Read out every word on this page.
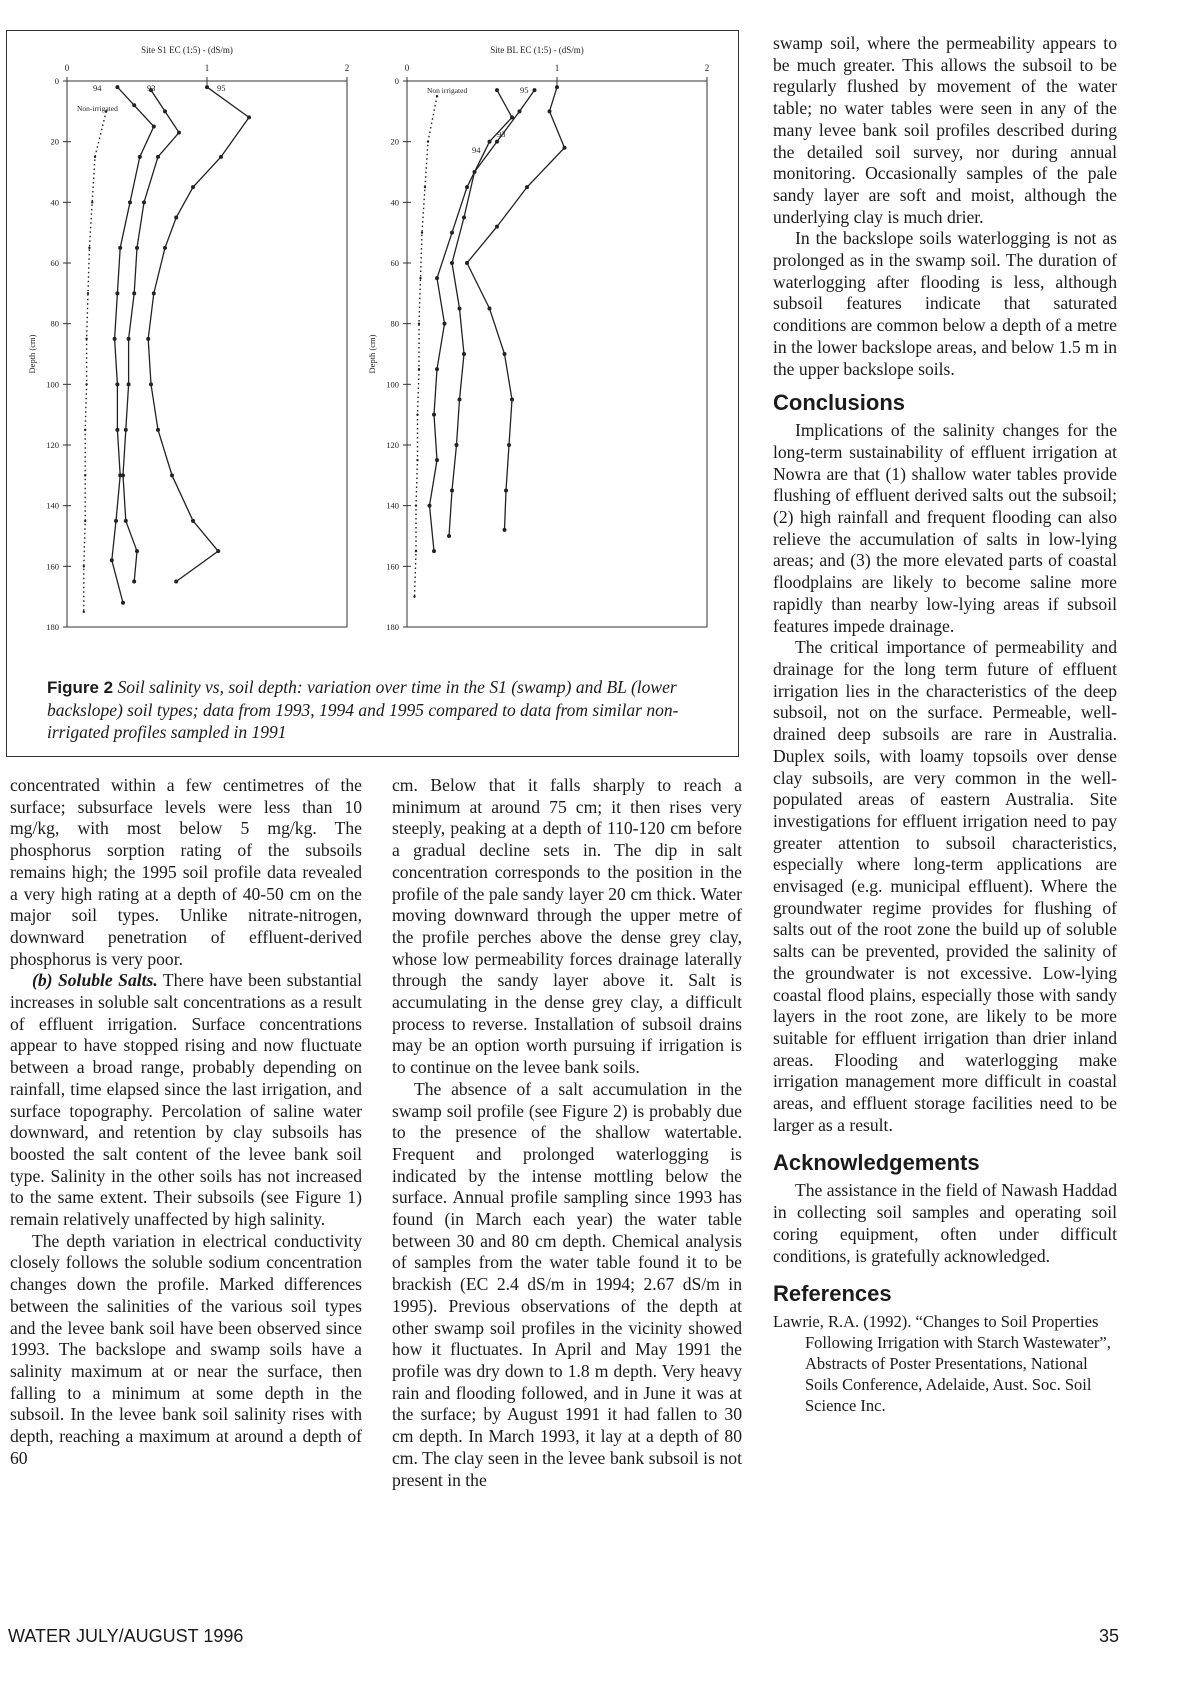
Site S1 EC (1:5) - (dS/m)
0	1	2
0
20
40
60
80
100
120
140
160
180
Depth (cm)
94	93	95
Non-irrigated
Site BL EC (1:5) - (dS/m)
0	1	2
0
20
40
60
80
100
120
140
160
180
Depth (cm)
Non irrigated
94
95
93
Figure 2 Soil salinity vs, soil depth: variation over time in the S1 (swamp) and BL (lower backslope) soil types; data from 1993, 1994 and 1995 compared to data from similar non-irrigated profiles sampled in 1991

concentrated within a few centimetres of the surface; subsurface levels were less than 10 mg/kg, with most below 5 mg/kg. The phosphorus sorption rating of the subsoils remains high; the 1995 soil profile data revealed a very high rating at a depth of 40-50 cm on the major soil types. Unlike nitrate-nitrogen, downward penetration of effluent-derived phosphorus is very poor.

(b) Soluble Salts. There have been substantial increases in soluble salt concentrations as a result of effluent irrigation. Surface concentrations appear to have stopped rising and now fluctuate between a broad range, probably depending on rainfall, time elapsed since the last irrigation, and surface topography. Percolation of saline water downward, and retention by clay subsoils has boosted the salt content of the levee bank soil type. Salinity in the other soils has not increased to the same extent. Their subsoils (see Figure 1) remain relatively unaffected by high salinity.

The depth variation in electrical conductivity closely follows the soluble sodium concentration changes down the profile. Marked differences between the salinities of the various soil types and the levee bank soil have been observed since 1993. The backslope and swamp soils have a salinity maximum at or near the surface, then falling to a minimum at some depth in the subsoil. In the levee bank soil salinity rises with depth, reaching a maximum at around a depth of 60

cm. Below that it falls sharply to reach a minimum at around 75 cm; it then rises very steeply, peaking at a depth of 110-120 cm before a gradual decline sets in. The dip in salt concentration corresponds to the position in the profile of the pale sandy layer 20 cm thick. Water moving downward through the upper metre of the profile perches above the dense grey clay, whose low permeability forces drainage laterally through the sandy layer above it. Salt is accumulating in the dense grey clay, a difficult process to reverse. Installation of subsoil drains may be an option worth pursuing if irrigation is to continue on the levee bank soils.

The absence of a salt accumulation in the swamp soil profile (see Figure 2) is probably due to the presence of the shallow watertable. Frequent and prolonged waterlogging is indicated by the intense mottling below the surface. Annual profile sampling since 1993 has found (in March each year) the water table between 30 and 80 cm depth. Chemical analysis of samples from the water table found it to be brackish (EC 2.4 dS/m in 1994; 2.67 dS/m in 1995). Previous observations of the depth at other swamp soil profiles in the vicinity showed how it fluctuates. In April and May 1991 the profile was dry down to 1.8 m depth. Very heavy rain and flooding followed, and in June it was at the surface; by August 1991 it had fallen to 30 cm depth. In March 1993, it lay at a depth of 80 cm. The clay seen in the levee bank subsoil is not present in the

swamp soil, where the permeability appears to be much greater. This allows the subsoil to be regularly flushed by movement of the water table; no water tables were seen in any of the many levee bank soil profiles described during the detailed soil survey, nor during annual monitoring. Occasionally samples of the pale sandy layer are soft and moist, although the underlying clay is much drier.

In the backslope soils waterlogging is not as prolonged as in the swamp soil. The duration of waterlogging after flooding is less, although subsoil features indicate that saturated conditions are common below a depth of a metre in the lower backslope areas, and below 1.5 m in the upper backslope soils.

Conclusions

Implications of the salinity changes for the long-term sustainability of effluent irrigation at Nowra are that (1) shallow water tables provide flushing of effluent derived salts out the subsoil; (2) high rainfall and frequent flooding can also relieve the accumulation of salts in low-lying areas; and (3) the more elevated parts of coastal floodplains are likely to become saline more rapidly than nearby low-lying areas if subsoil features impede drainage.

The critical importance of permeability and drainage for the long term future of effluent irrigation lies in the characteristics of the deep subsoil, not on the surface. Permeable, well-drained deep subsoils are rare in Australia. Duplex soils, with loamy topsoils over dense clay subsoils, are very common in the well-populated areas of eastern Australia. Site investigations for effluent irrigation need to pay greater attention to subsoil characteristics, especially where long-term applications are envisaged (e.g. municipal effluent). Where the groundwater regime provides for flushing of salts out of the root zone the build up of soluble salts can be prevented, provided the salinity of the groundwater is not excessive. Low-lying coastal flood plains, especially those with sandy layers in the root zone, are likely to be more suitable for effluent irrigation than drier inland areas. Flooding and waterlogging make irrigation management more difficult in coastal areas, and effluent storage facilities need to be larger as a result.

Acknowledgements

The assistance in the field of Nawash Haddad in collecting soil samples and operating soil coring equipment, often under difficult conditions, is gratefully acknowledged.

References

Lawrie, R.A. (1992). “Changes to Soil Properties Following Irrigation with Starch Wastewater”, Abstracts of Poster Presentations, National Soils Conference, Adelaide, Aust. Soc. Soil Science Inc.

WATER JULY/AUGUST 1996	35
